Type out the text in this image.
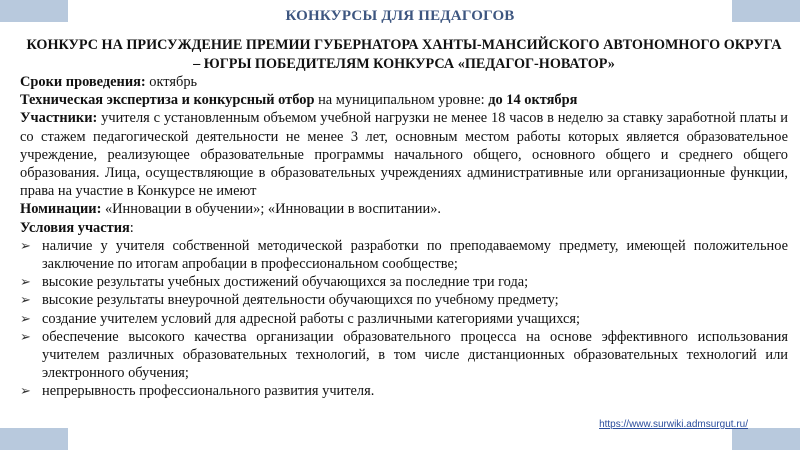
КОНКУРСЫ ДЛЯ ПЕДАГОГОВ

КОНКУРС НА ПРИСУЖДЕНИЕ ПРЕМИИ ГУБЕРНАТОРА ХАНТЫ-МАНСИЙСКОГО АВТОНОМНОГО ОКРУГА – ЮГРЫ ПОБЕДИТЕЛЯМ КОНКУРСА «ПЕДАГОГ-НОВАТОР»

Сроки проведения: октябрь

Техническая экспертиза и конкурсный отбор на муниципальном уровне: до 14 октября

Участники: учителя с установленным объемом учебной нагрузки не менее 18 часов в неделю за ставку заработной платы и со стажем педагогической деятельности не менее 3 лет, основным местом работы которых является образовательное учреждение, реализующее образовательные программы начального общего, основного общего и среднего общего образования. Лица, осуществляющие в образовательных учреждениях административные или организационные функции, права на участие в Конкурсе не имеют

Номинации: «Инновации в обучении»; «Инновации в воспитании».

Условия участия:

➢ наличие у учителя собственной методической разработки по преподаваемому предмету, имеющей положительное заключение по итогам апробации в профессиональном сообществе;
➢ высокие результаты учебных достижений обучающихся за последние три года;
➢ высокие результаты внеурочной деятельности обучающихся по учебному предмету;
➢ создание учителем условий для адресной работы с различными категориями учащихся;
➢ обеспечение высокого качества организации образовательного процесса на основе эффективного использования учителем различных образовательных технологий, в том числе дистанционных образовательных технологий или электронного обучения;
➢ непрерывность профессионального развития учителя.
https://www.surwiki.admsurgut.ru/
